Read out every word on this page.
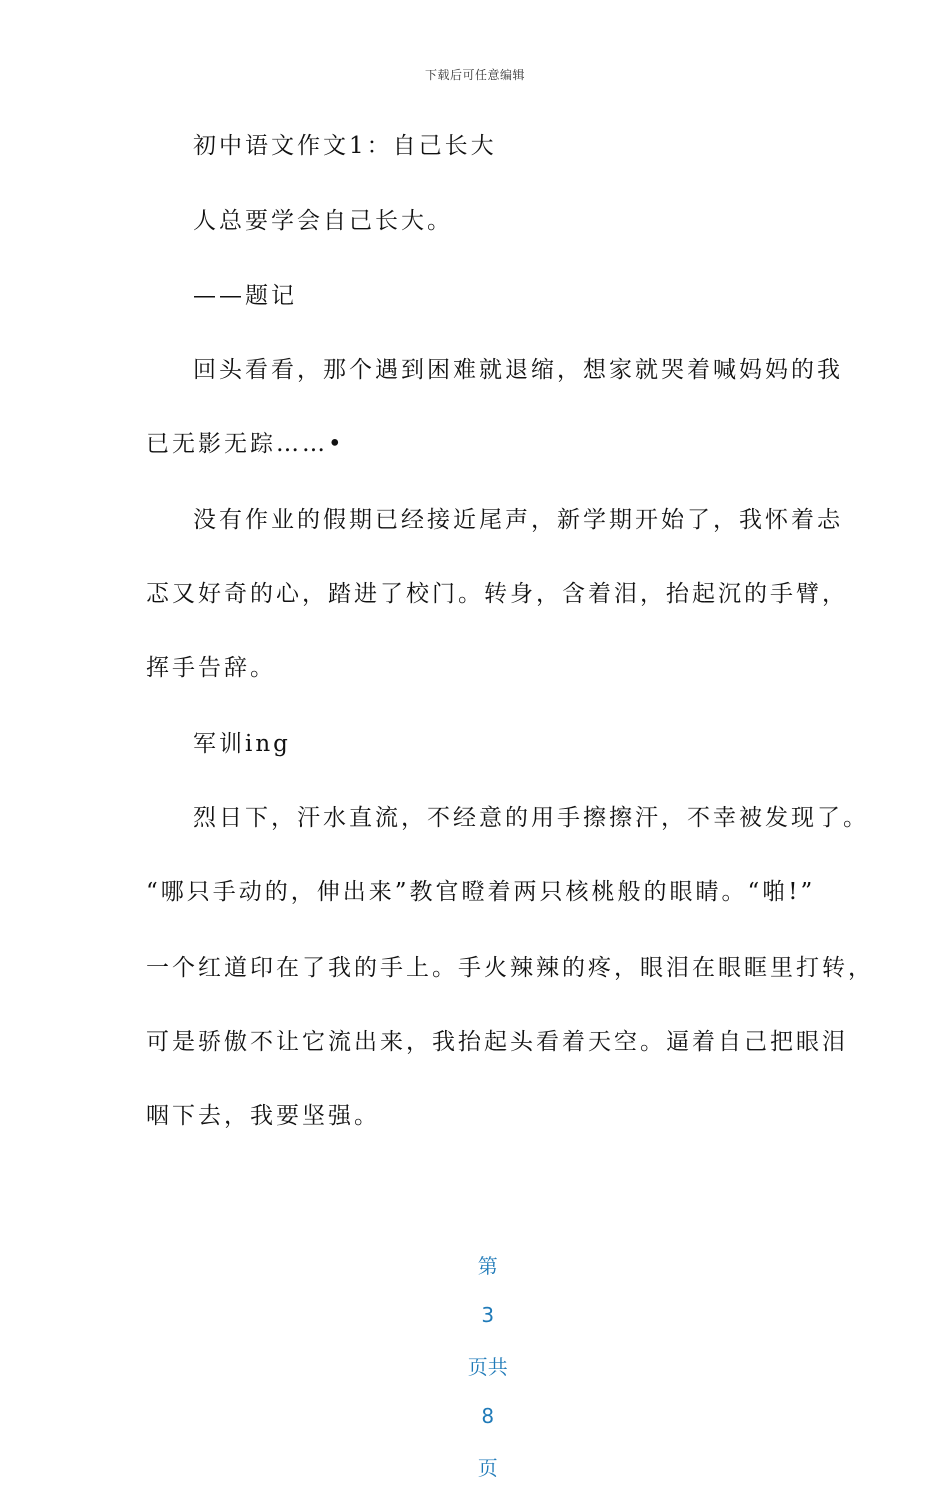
下载后可任意编辑
初中语文作文1：自己长大
人总要学会自己长大。
——题记
回头看看，那个遇到困难就退缩，想家就哭着喊妈妈的我
已无影无踪……•
没有作业的假期已经接近尾声，新学期开始了，我怀着忐
忑又好奇的心，踏进了校门。转身，含着泪，抬起沉的手臂，
挥手告辞。
军训ing
烈日下，汗水直流，不经意的用手擦擦汗，不幸被发现了。
“哪只手动的，伸出来”教官瞪着两只核桃般的眼睛。“啪!”
一个红道印在了我的手上。手火辣辣的疼，眼泪在眼眶里打转，
可是骄傲不让它流出来，我抬起头看着天空。逼着自己把眼泪
咽下去，我要坚强。

第

3

页共

8

页
